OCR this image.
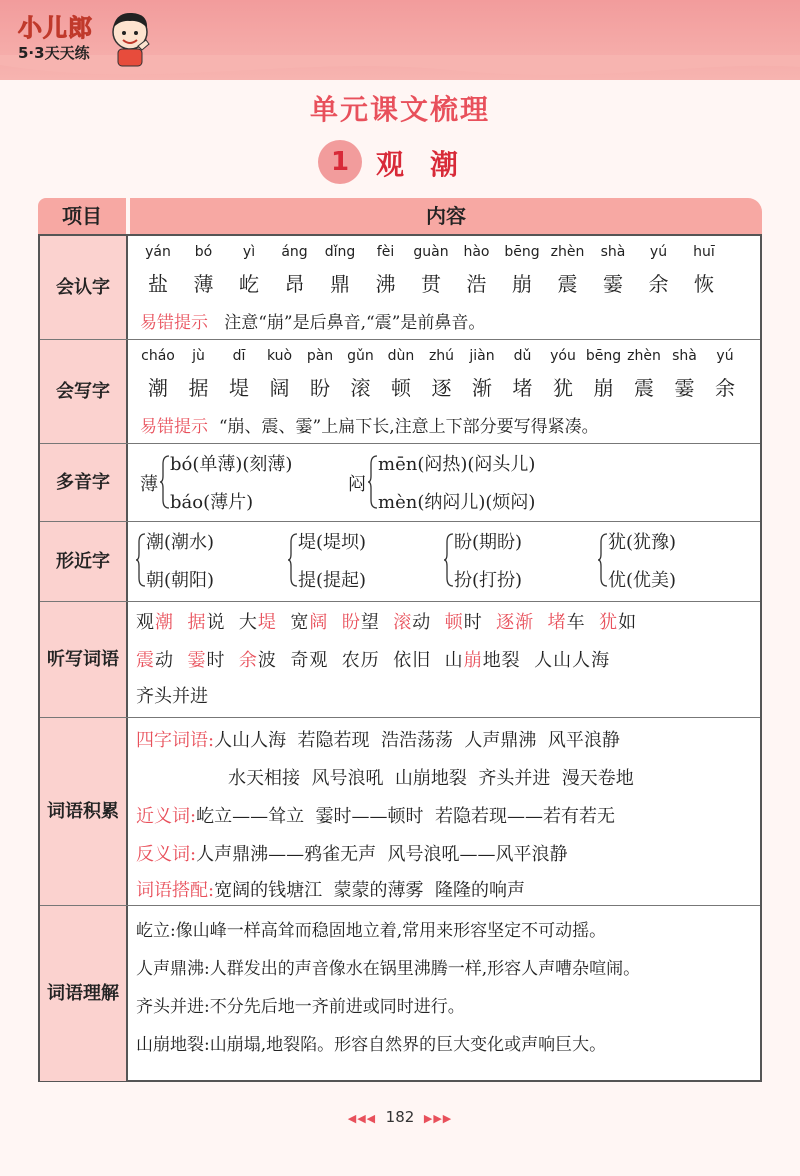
小儿郎
5·3天天练
单元课文梳理
1 观潮
项目	内容
会认字
易错提示 注意“崩”是后鼻音,“震”是前鼻音。
yán
盐
bó
薄
yì
屹
áng
昂
dǐng
鼎
fèi
沸
guàn
贯
hào
浩
bēng
崩
zhèn
震
shà
霎
yú
余
huī
恢
会写字
易错提示 “崩、震、霎”上扁下长,注意上下部分要写得紧凑。
cháo
潮
jù
据
dī
堤
kuò
阔
pàn
盼
gǔn
滚
dùn
顿
zhú
逐
jiàn
渐
dǔ
堵
yóu
犹
bēng
崩
zhèn
震
shà
霎
yú
余
多音字	薄
bó(单薄)(刻薄)
báo(薄片)
闷
mēn(闷热)(闷头儿)
mèn(纳闷儿)(烦闷)
形近字
潮(潮水)
朝(朝阳)
堤(堤坝)
提(提起)
盼(期盼)
扮(打扮)
犹(犹豫)
优(优美)
听写 词语
观潮 据说  大堤  宽阔 盼望  滚动  顿时  逐渐 堵车  犹如
震动  霎时  余波  奇观  农历  依旧  山崩地裂  人山人海
齐头并进
词语 积累
四字词语:人山人海  若隐若现  浩浩荡荡  人声鼎沸  风平浪静
水天相接  风号浪吼  山崩地裂  齐头并进  漫天卷地
近义词:屹立——耸立  霎时——顿时  若隐若现——若有若无
反义词:人声鼎沸——鸦雀无声  风号浪吼——风平浪静
词语搭配:宽阔的钱塘江  蒙蒙的薄雾  隆隆的响声
词语 理解
屹立:像山峰一样高耸而稳固地立着,常用来形容坚定不可动摇。
人声鼎沸:人群发出的声音像水在锅里沸腾一样,形容人声嘈杂喧闹。
齐头并进:不分先后地一齐前进或同时进行。
山崩地裂:山崩塌,地裂陷。形容自然界的巨大变化或声响巨大。
◀◀◀ 182 ▶▶▶
